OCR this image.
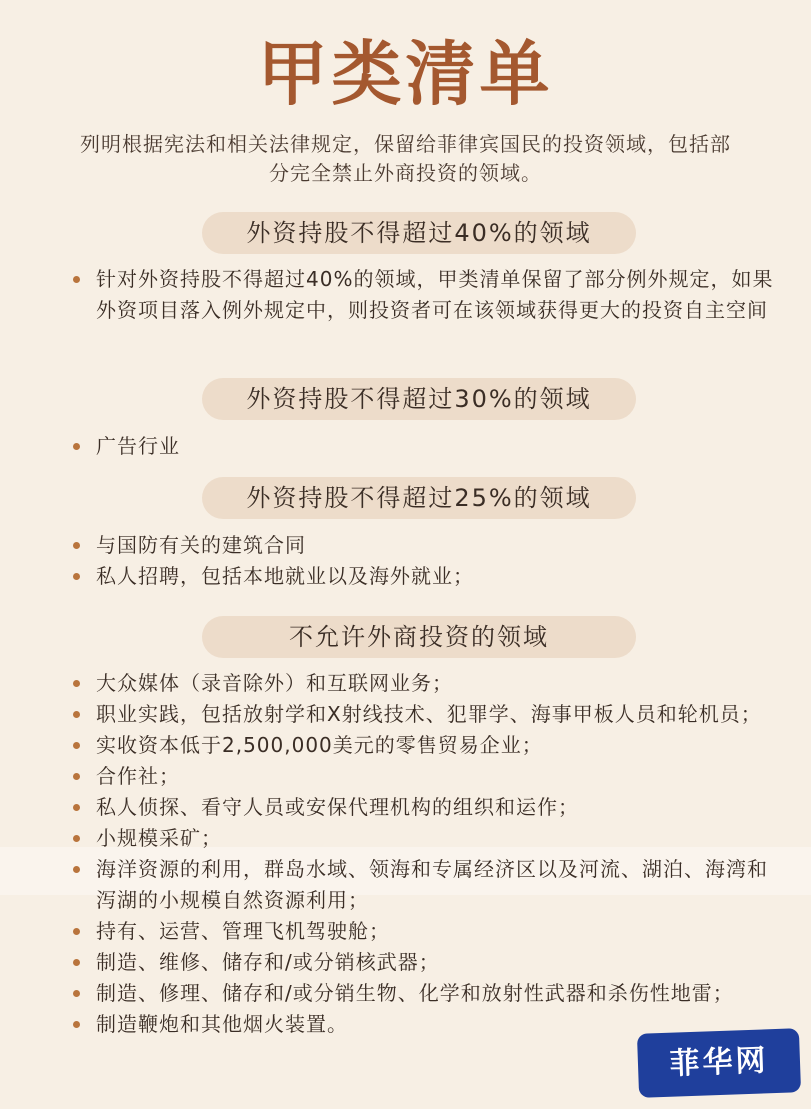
甲类清单
列明根据宪法和相关法律规定，保留给菲律宾国民的投资领域，包括部分完全禁止外商投资的领域。
外资持股不得超过40%的领域
针对外资持股不得超过40%的领域，甲类清单保留了部分例外规定，如果外资项目落入例外规定中，则投资者可在该领域获得更大的投资自主空间
外资持股不得超过30%的领域
广告行业
外资持股不得超过25%的领域
与国防有关的建筑合同
私人招聘，包括本地就业以及海外就业；
不允许外商投资的领域
大众媒体（录音除外）和互联网业务；
职业实践，包括放射学和X射线技术、犯罪学、海事甲板人员和轮机员；
实收资本低于2,500,000美元的零售贸易企业；
合作社；
私人侦探、看守人员或安保代理机构的组织和运作；
小规模采矿；
海洋资源的利用，群岛水域、领海和专属经济区以及河流、湖泊、海湾和泻湖的小规模自然资源利用；
持有、运营、管理飞机驾驶舱；
制造、维修、储存和/或分销核武器；
制造、修理、储存和/或分销生物、化学和放射性武器和杀伤性地雷；
制造鞭炮和其他烟火装置。
菲华网
